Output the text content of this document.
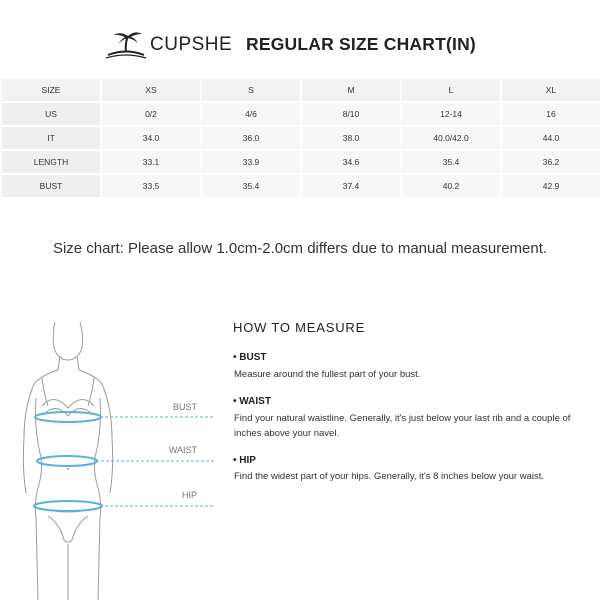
CUPSHE REGULAR SIZE CHART(IN)
SIZE	XS	S	M	L	XL
US	0/2	4/6	8/10	12-14	16
IT	34.0	36.0	38.0	40.0/42.0	44.0
LENGTH	33.1	33.9	34.6	35.4	36.2
BUST	33.5	35.4	37.4	40.2	42.9
Size chart: Please allow 1.0cm-2.0cm differs due to manual measurement.
BUST
WAIST
HIP
HOW TO MEASURE
• BUST
Measure around the fullest part of your bust.
• WAIST
Find your natural waistline. Generally, it's just below your last rib and a couple of inches above your navel.
• HIP
Find the widest part of your hips. Generally, it's 8 inches below your waist.
